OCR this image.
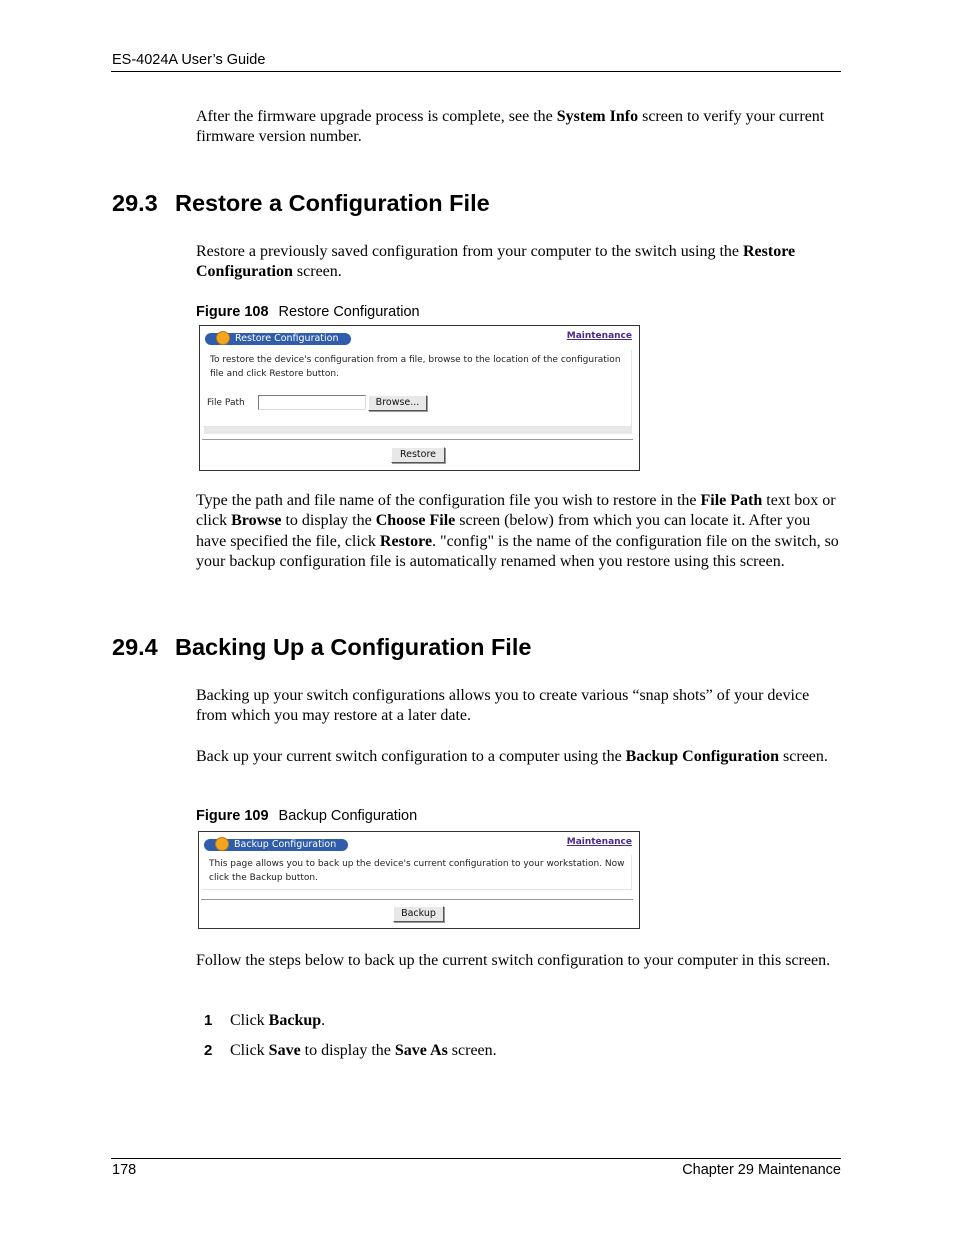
ES-4024A User’s Guide
After the firmware upgrade process is complete, see the System Info screen to verify your current firmware version number.
29.3 Restore a Configuration File
Restore a previously saved configuration from your computer to the switch using the Restore Configuration screen.
Figure 108 Restore Configuration
Restore Configuration	Maintenance
To restore the device's configuration from a file, browse to the location of the configuration file and click Restore button.
File Path	Browse...
Restore
Type the path and file name of the configuration file you wish to restore in the File Path text box or click Browse to display the Choose File screen (below) from which you can locate it. After you have specified the file, click Restore. "config" is the name of the configuration file on the switch, so your backup configuration file is automatically renamed when you restore using this screen.
29.4 Backing Up a Configuration File
Backing up your switch configurations allows you to create various “snap shots” of your device from which you may restore at a later date.
Back up your current switch configuration to a computer using the Backup Configuration screen.
Figure 109 Backup Configuration
Backup Configuration	Maintenance
This page allows you to back up the device's current configuration to your workstation. Now click the Backup button.
Backup
Follow the steps below to back up the current switch configuration to your computer in this screen.
1 Click Backup.
2 Click Save to display the Save As screen.
178	Chapter 29 Maintenance
